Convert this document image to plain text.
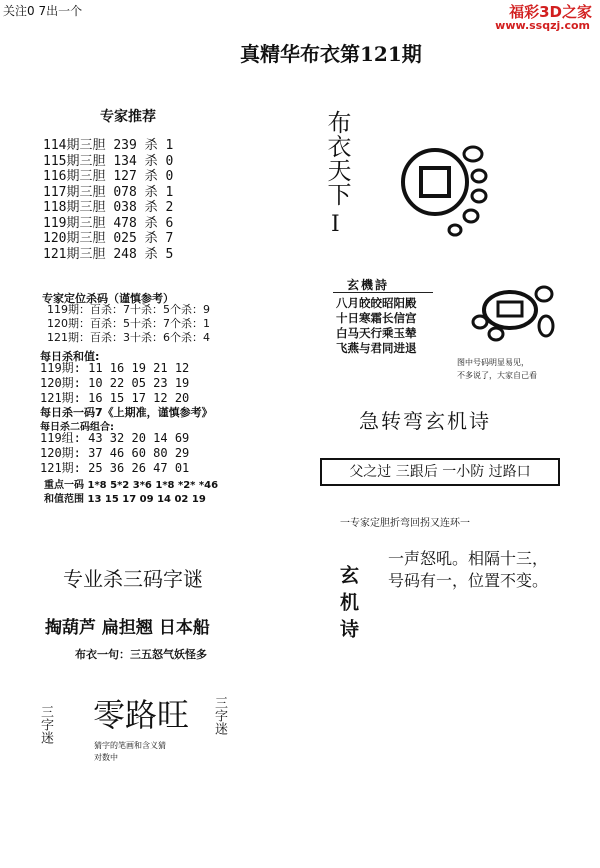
关注0 7出一个	福彩3D之家
www.ssqzj.com
真精华布衣第121期
专家推荐
114期三胆 239 杀 1
115期三胆 134 杀 0
116期三胆 127 杀 0
117期三胆 078 杀 1
118期三胆 038 杀 2
119期三胆 478 杀 6
120期三胆 025 杀 7
121期三胆 248 杀 5
专家定位杀码（谨慎参考）
119期：百杀：7十杀：5个杀：9
120期：百杀：5十杀：7个杀：1
121期：百杀：3十杀：6个杀：4
每日杀和值:
119期: 11 16 19 21 12
120期: 10 22 05 23 19
121期: 16 15 17 12 20
每日杀一码7《上期准，谨慎参考》
每日杀二码组合:
119组: 43 32 20 14 69
120期: 37 46 60 80 29
121期: 25 36 26 47 01
重点一码 1*8 5*2 3*6 1*8 *2* *46
和值范围 13 15 17 09 14 02 19
专业杀三码字谜
掏葫芦 扁担翘 日本船
布衣一句：三五怒气妖怪多
三字迷 零路旺
猜字的笔画和含义猜
对数中
三字迷
布衣天下
I
玄機詩
八月皎皎昭阳殿
十日寒霜长信宫
白马天行乘玉辇
飞燕与君同进退
图中号码明显易见，
不多说了，大家自己看
急转弯玄机诗
父之过 三跟后 一小防 过路口
一专家定胆折弯回拐又连环一
玄机诗
一声怒吼。相隔十三，
号码有一，位置不变。
